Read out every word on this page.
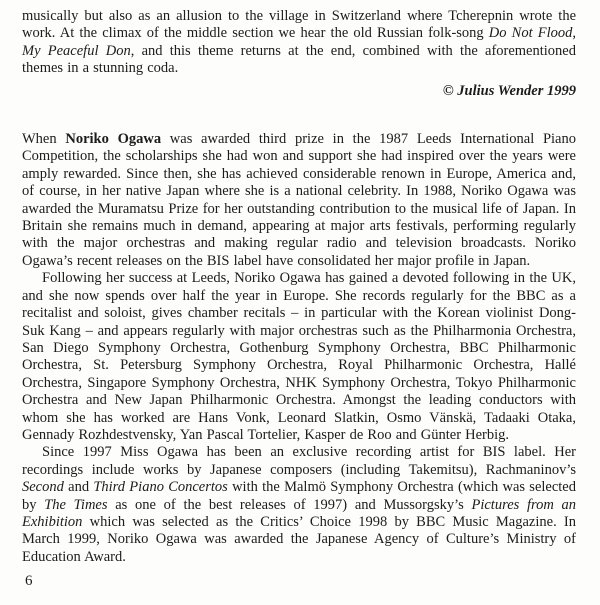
musically but also as an allusion to the village in Switzerland where Tcherepnin wrote the work. At the climax of the middle section we hear the old Russian folk-song Do Not Flood, My Peaceful Don, and this theme returns at the end, combined with the aforementioned themes in a stunning coda.

© Julius Wender 1999

When Noriko Ogawa was awarded third prize in the 1987 Leeds International Piano Competition, the scholarships she had won and support she had inspired over the years were amply rewarded. Since then, she has achieved considerable renown in Europe, America and, of course, in her native Japan where she is a national celebrity. In 1988, Noriko Ogawa was awarded the Muramatsu Prize for her outstanding contribution to the musical life of Japan. In Britain she remains much in demand, appearing at major arts festivals, performing regularly with the major orchestras and making regular radio and television broadcasts. Noriko Ogawa’s recent releases on the BIS label have consolidated her major profile in Japan.

Following her success at Leeds, Noriko Ogawa has gained a devoted following in the UK, and she now spends over half the year in Europe. She records regularly for the BBC as a recitalist and soloist, gives chamber recitals – in particular with the Korean violinist Dong-Suk Kang – and appears regularly with major orchestras such as the Philharmonia Orchestra, San Diego Symphony Orchestra, Gothenburg Symphony Orchestra, BBC Philharmonic Orchestra, St. Petersburg Symphony Orchestra, Royal Philharmonic Orchestra, Hallé Orchestra, Singapore Symphony Orchestra, NHK Symphony Orchestra, Tokyo Philharmonic Orchestra and New Japan Philharmonic Orchestra. Amongst the leading conductors with whom she has worked are Hans Vonk, Leonard Slatkin, Osmo Vänskä, Tadaaki Otaka, Gennady Rozhdestvensky, Yan Pascal Tortelier, Kasper de Roo and Günter Herbig.

Since 1997 Miss Ogawa has been an exclusive recording artist for BIS label. Her recordings include works by Japanese composers (including Takemitsu), Rachmaninov’s Second and Third Piano Concertos with the Malmö Symphony Orchestra (which was selected by The Times as one of the best releases of 1997) and Mussorgsky’s Pictures from an Exhibition which was selected as the Critics’ Choice 1998 by BBC Music Magazine. In March 1999, Noriko Ogawa was awarded the Japanese Agency of Culture’s Ministry of Education Award.

6
